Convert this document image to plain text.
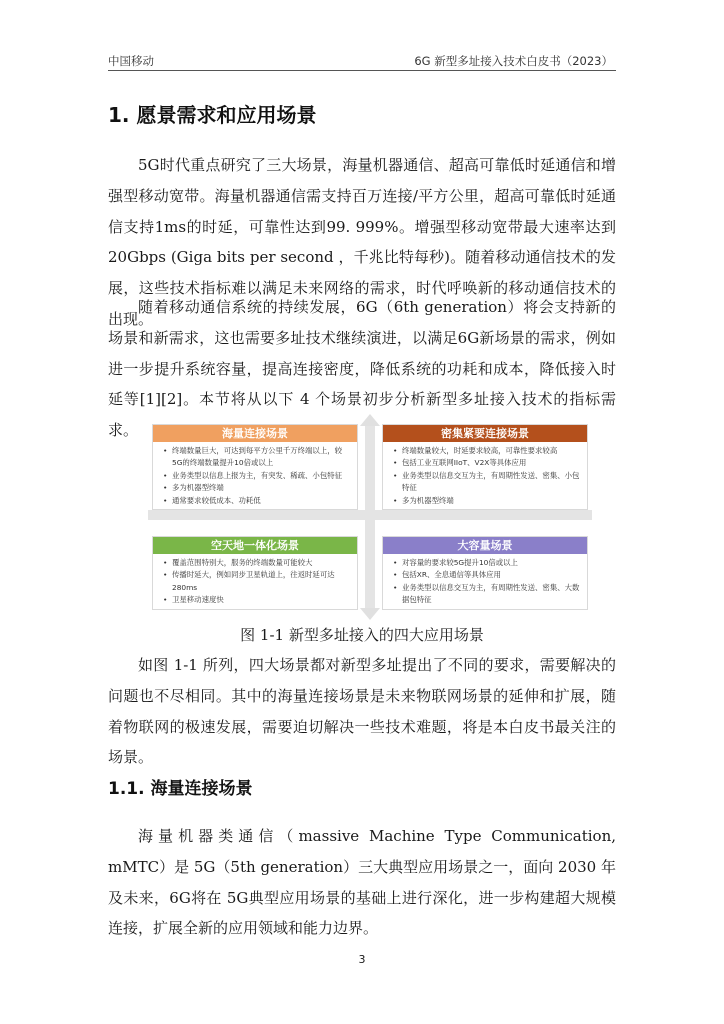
中国移动	6G 新型多址接入技术白皮书（2023）
1. 愿景需求和应用场景

5G时代重点研究了三大场景，海量机器通信、超高可靠低时延通信和增强型移动宽带。海量机器通信需支持百万连接/平方公里，超高可靠低时延通信支持1ms的时延，可靠性达到99. 999%。增强型移动宽带最大速率达到20Gbps (Giga bits per second ，千兆比特每秒)。随着移动通信技术的发展，这些技术指标难以满足未来网络的需求，时代呼唤新的移动通信技术的出现。

随着移动通信系统的持续发展，6G（6th generation）将会支持新的场景和新需求，这也需要多址技术继续演进，以满足6G新场景的需求，例如进一步提升系统容量，提高连接密度，降低系统的功耗和成本，降低接入时延等[1][2]。本节将从以下 4 个场景初步分析新型多址接入技术的指标需求。	海量连接场景
• 终端数量巨大，可达到每平方公里千万终端以上，较5G的终端数量提升10倍或以上
• 业务类型以信息上报为主，有突发、稀疏、小包特征
• 多为机器型终端
• 通常要求较低成本、功耗低
密集紧要连接场景
• 终端数量较大，时延要求较高，可靠性要求较高
• 包括工业互联网IIoT、V2X等具体应用
• 业务类型以信息交互为主，有周期性发送、密集、小包特征
• 多为机器型终端
空天地一体化场景
• 覆盖范围特别大，服务的终端数量可能较大
• 传播时延大，例如同步卫星轨道上，往返时延可达280ms
• 卫星移动速度快
大容量场景
• 对容量的要求较5G提升10倍或以上
• 包括XR、全息通信等具体应用
• 业务类型以信息交互为主，有周期性发送、密集、大数据包特征
图 1-1 新型多址接入的四大应用场景

如图 1-1 所列，四大场景都对新型多址提出了不同的要求，需要解决的问题也不尽相同。其中的海量连接场景是未来物联网场景的延伸和扩展，随着物联网的极速发展，需要迫切解决一些技术难题，将是本白皮书最关注的场景。

1.1. 海量连接场景

海量机器类通信（massive Machine Type Communication, mMTC）是 5G（5th generation）三大典型应用场景之一，面向 2030 年及未来，6G将在 5G典型应用场景的基础上进行深化，进一步构建超大规模连接，扩展全新的应用领域和能力边界。

3
